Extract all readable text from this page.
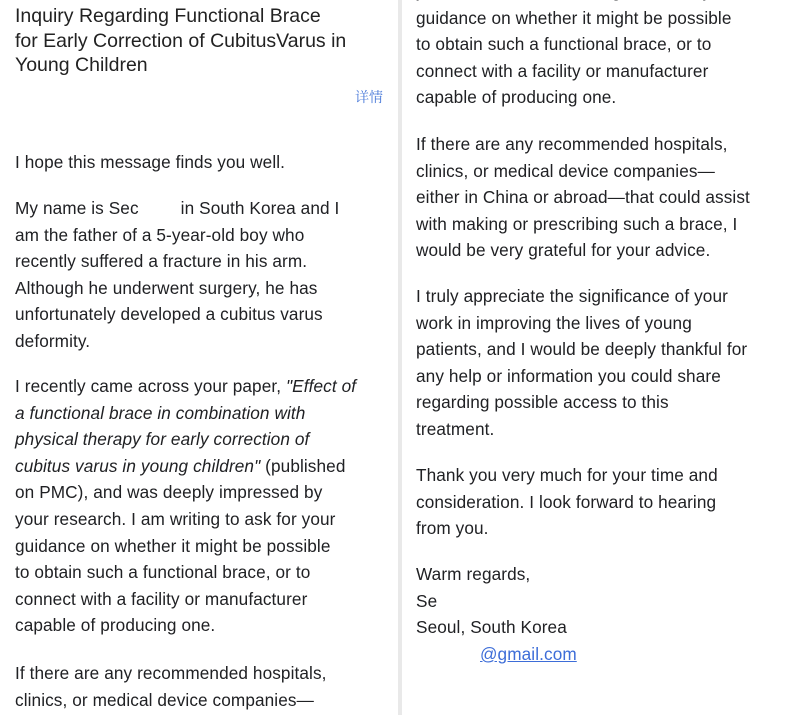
Inquiry Regarding Functional Brace
for Early Correction of CubitusVarus in
Young Children
详情

I hope this message finds you well.

My name is Sec in South Korea and I
am the father of a 5-year-old boy who
recently suffered a fracture in his arm.
Although he underwent surgery, he has
unfortunately developed a cubitus varus
deformity.

I recently came across your paper, "Effect of
a functional brace in combination with
physical therapy for early correction of
cubitus varus in young children" (published
on PMC), and was deeply impressed by
your research. I am writing to ask for your
guidance on whether it might be possible
to obtain such a functional brace, or to
connect with a facility or manufacturer
capable of producing one.

If there are any recommended hospitals,
clinics, or medical device companies—

guidance on whether it might be possible
to obtain such a functional brace, or to
connect with a facility or manufacturer
capable of producing one.

If there are any recommended hospitals,
clinics, or medical device companies—
either in China or abroad—that could assist
with making or prescribing such a brace, I
would be very grateful for your advice.

I truly appreciate the significance of your
work in improving the lives of young
patients, and I would be deeply thankful for
any help or information you could share
regarding possible access to this
treatment.

Thank you very much for your time and
consideration. I look forward to hearing
from you.

Warm regards,
Se
Seoul, South Korea
@gmail.com
